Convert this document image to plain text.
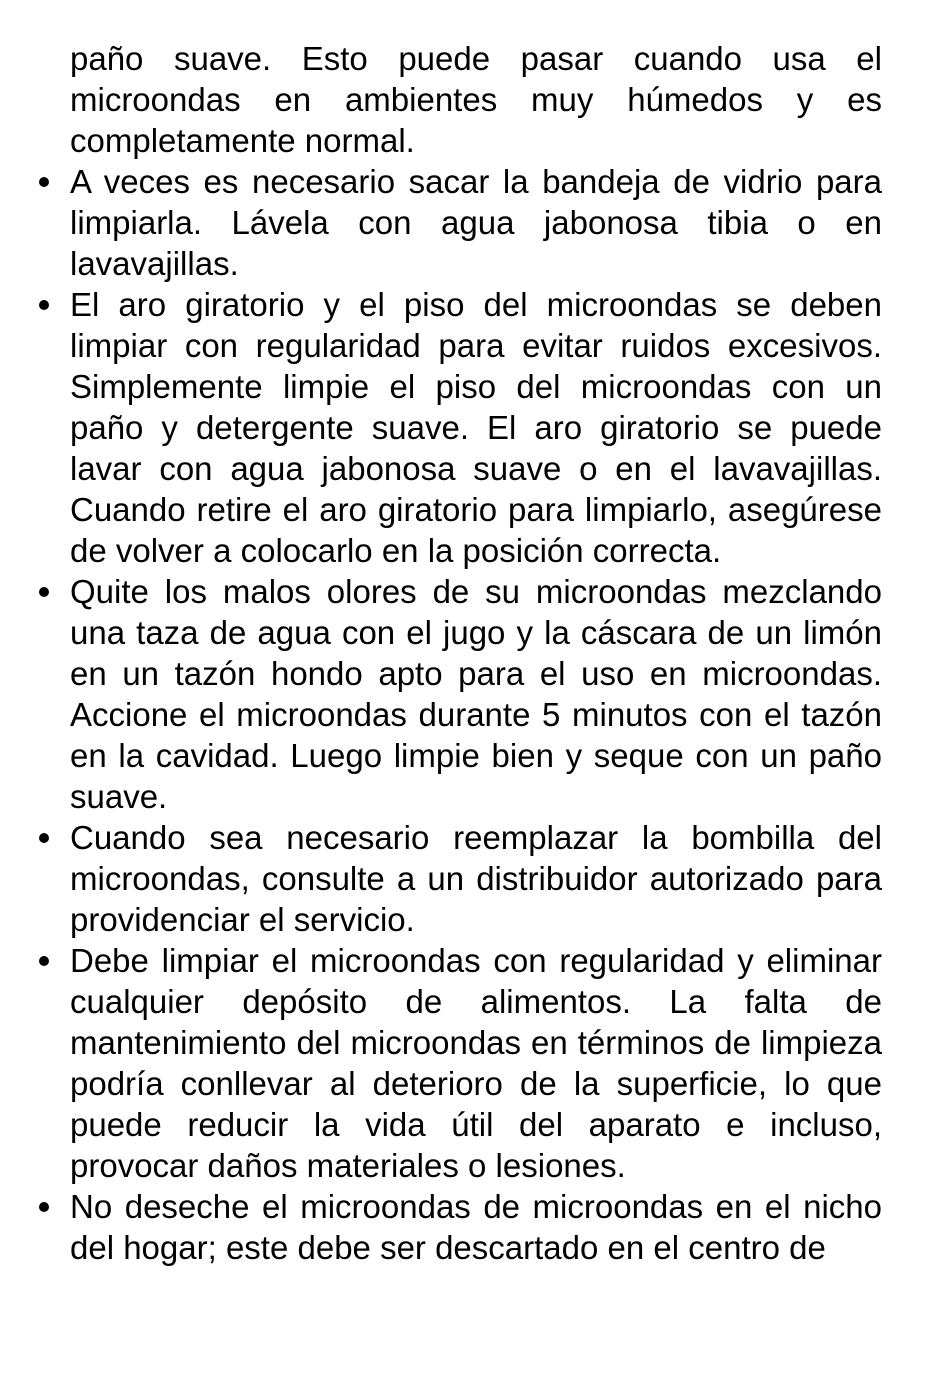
paño suave. Esto puede pasar cuando usa el microondas en ambientes muy húmedos y es completamente normal.

A veces es necesario sacar la bandeja de vidrio para limpiarla. Lávela con agua jabonosa tibia o en lavavajillas.
El aro giratorio y el piso del microondas se deben limpiar con regularidad para evitar ruidos excesivos. Simplemente limpie el piso del microondas con un paño y detergente suave. El aro giratorio se puede lavar con agua jabonosa suave o en el lavavajillas. Cuando retire el aro giratorio para limpiarlo, asegúrese de volver a colocarlo en la posición correcta.
Quite los malos olores de su microondas mezclando una taza de agua con el jugo y la cáscara de un limón en un tazón hondo apto para el uso en microondas. Accione el microondas durante 5 minutos con el tazón en la cavidad. Luego limpie bien y seque con un paño suave.
Cuando sea necesario reemplazar la bombilla del microondas, consulte a un distribuidor autorizado para providenciar el servicio.
Debe limpiar el microondas con regularidad y eliminar cualquier depósito de alimentos. La falta de mantenimiento del microondas en términos de limpieza podría conllevar al deterioro de la superficie, lo que puede reducir la vida útil del aparato e incluso, provocar daños materiales o lesiones.
No deseche el microondas de microondas en el nicho del hogar; este debe ser descartado en el centro de
